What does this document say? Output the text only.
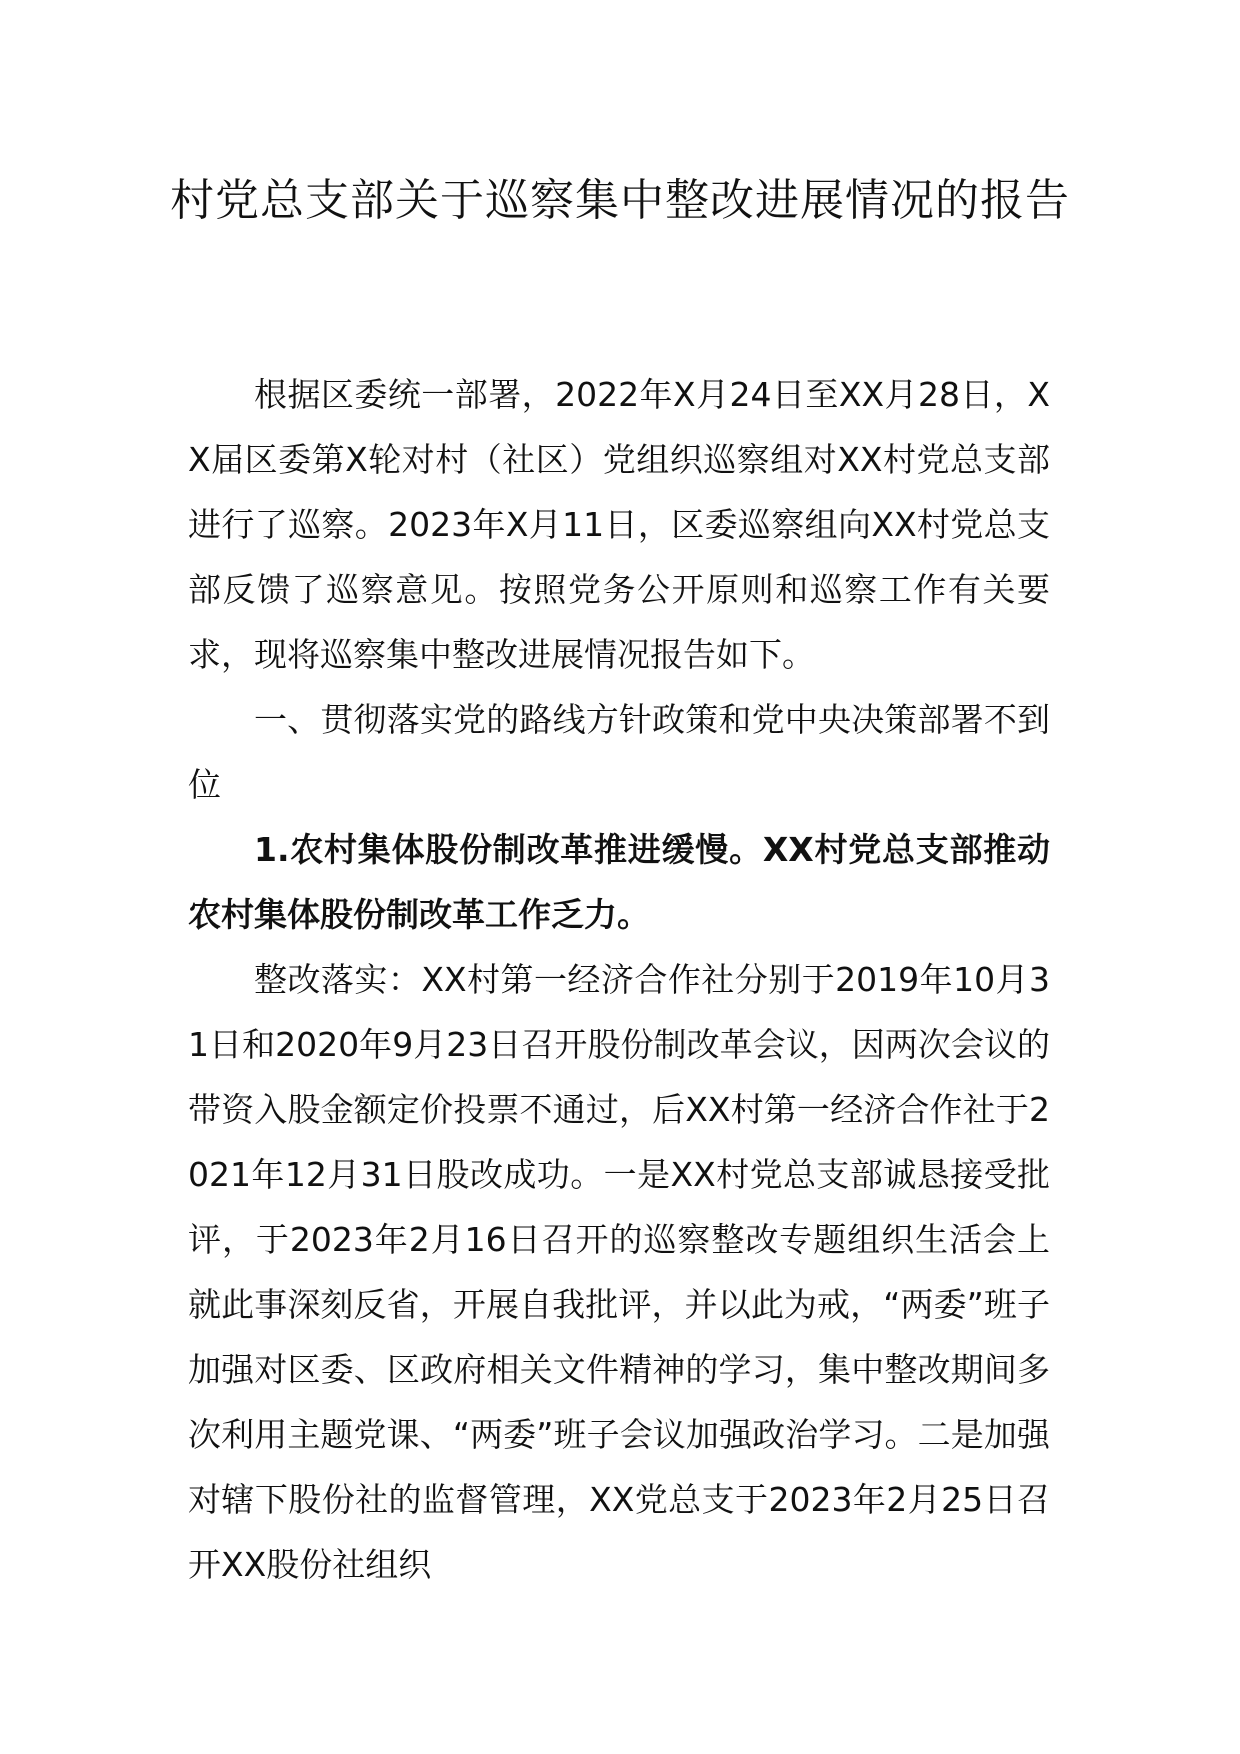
村党总支部关于巡察集中整改进展情况的报告

根据区委统一部署，2022年X月24日至XX月28日，XX届区委第X轮对村（社区）党组织巡察组对XX村党总支部进行了巡察。2023年X月11日，区委巡察组向XX村党总支部反馈了巡察意见。按照党务公开原则和巡察工作有关要求，现将巡察集中整改进展情况报告如下。

一、贯彻落实党的路线方针政策和党中央决策部署不到位

1.农村集体股份制改革推进缓慢。XX村党总支部推动农村集体股份制改革工作乏力。

整改落实：XX村第一经济合作社分别于2019年10月31日和2020年9月23日召开股份制改革会议，因两次会议的带资入股金额定价投票不通过，后XX村第一经济合作社于2021年12月31日股改成功。一是XX村党总支部诚恳接受批评，于2023年2月16日召开的巡察整改专题组织生活会上就此事深刻反省，开展自我批评，并以此为戒，“两委”班子加强对区委、区政府相关文件精神的学习，集中整改期间多次利用主题党课、“两委”班子会议加强政治学习。二是加强对辖下股份社的监督管理，XX党总支于2023年2月25日召开XX股份社组织
